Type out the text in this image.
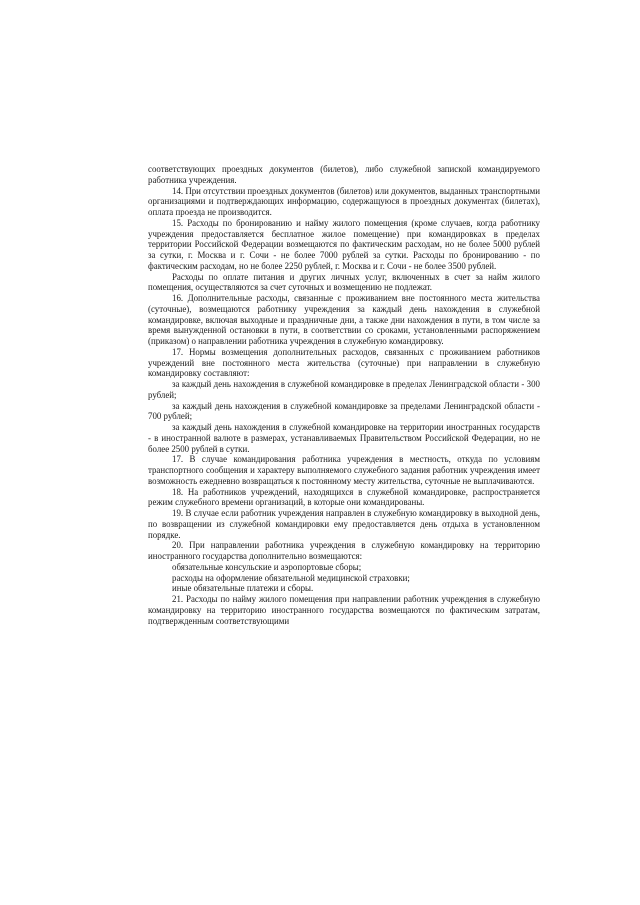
соответствующих проездных документов (билетов), либо служебной запиской командируемого работника учреждения.

14. При отсутствии проездных документов (билетов) или документов, выданных транспортными организациями и подтверждающих информацию, содержащуюся в проездных документах (билетах), оплата проезда не производится.

15. Расходы по бронированию и найму жилого помещения (кроме случаев, когда работнику учреждения предоставляется бесплатное жилое помещение) при командировках в пределах территории Российской Федерации возмещаются по фактическим расходам, но не более 5000 рублей за сутки, г. Москва и г. Сочи - не более 7000 рублей за сутки. Расходы по бронированию - по фактическим расходам, но не более 2250 рублей, г. Москва и г. Сочи - не более 3500 рублей.

Расходы по оплате питания и других личных услуг, включенных в счет за найм жилого помещения, осуществляются за счет суточных и возмещению не подлежат.

16. Дополнительные расходы, связанные с проживанием вне постоянного места жительства (суточные), возмещаются работнику учреждения за каждый день нахождения в служебной командировке, включая выходные и праздничные дни, а также дни нахождения в пути, в том числе за время вынужденной остановки в пути, в соответствии со сроками, установленными распоряжением (приказом) о направлении работника учреждения в служебную командировку.

17. Нормы возмещения дополнительных расходов, связанных с проживанием работников учреждений вне постоянного места жительства (суточные) при направлении в служебную командировку составляют:

за каждый день нахождения в служебной командировке в пределах Ленинградской области - 300 рублей;

за каждый день нахождения в служебной командировке за пределами Ленинградской области - 700 рублей;

за каждый день нахождения в служебной командировке на территории иностранных государств - в иностранной валюте в размерах, устанавливаемых Правительством Российской Федерации, но не более 2500 рублей в сутки.

17. В случае командирования работника учреждения в местность, откуда по условиям транспортного сообщения и характеру выполняемого служебного задания работник учреждения имеет возможность ежедневно возвращаться к постоянному месту жительства, суточные не выплачиваются.

18. На работников учреждений, находящихся в служебной командировке, распространяется режим служебного времени организаций, в которые они командированы.

19. В случае если работник учреждения направлен в служебную командировку в выходной день, по возвращении из служебной командировки ему предоставляется день отдыха в установленном порядке.

20. При направлении работника учреждения в служебную командировку на территорию иностранного государства дополнительно возмещаются:

обязательные консульские и аэропортовые сборы;

расходы на оформление обязательной медицинской страховки;

иные обязательные платежи и сборы.

21. Расходы по найму жилого помещения при направлении работник учреждения в служебную командировку на территорию иностранного государства возмещаются по фактическим затратам, подтвержденным соответствующими
